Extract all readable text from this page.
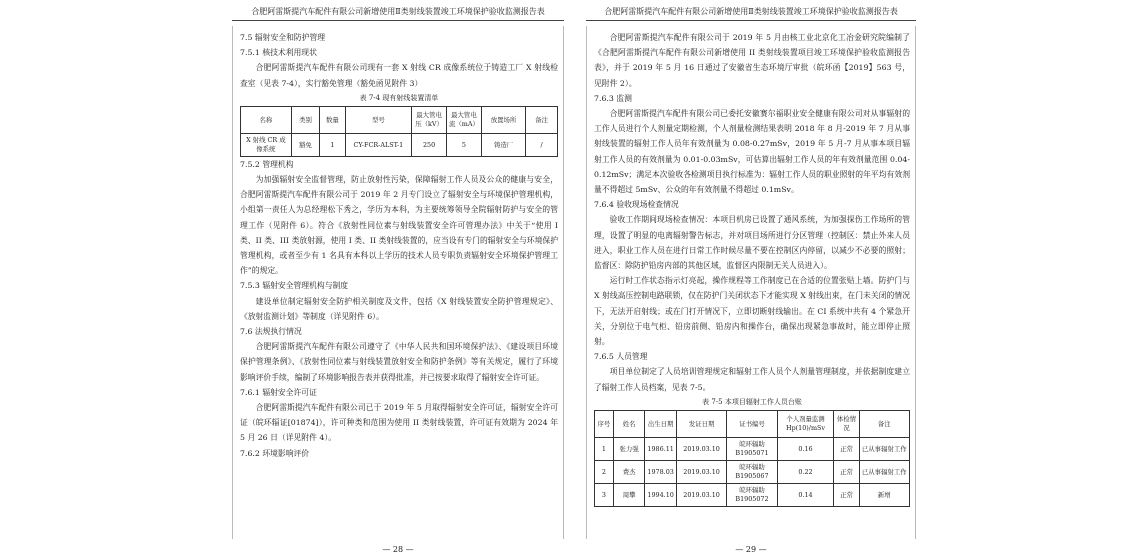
合肥阿雷斯提汽车配件有限公司新增使用Ⅱ类射线装置竣工环境保护验收监测报告表
7.5 辐射安全和防护管理
7.5.1 核技术利用现状
合肥阿雷斯提汽车配件有限公司现有一套 X 射线 CR 成像系统位于铸造工厂 X 射线检查室（见表 7-4），实行豁免管理（豁免函见附件 3）
表 7-4 现有射线装置清单
名称	类别	数量	型号	最大管电压（kV）	最大管电流（mA）	放置场所	备注
X 射线 CR 成像系统	豁免	1	CY-FCR-ALST-1	250	5	铸造厂	/
7.5.2 管理机构
为加强辐射安全监督管理，防止放射性污染，保障辐射工作人员及公众的健康与安全，合肥阿雷斯提汽车配件有限公司于 2019 年 2 月专门设立了辐射安全与环境保护管理机构，小组第一责任人为总经理松下秀之，学历为本科，为主要统筹领导全院辐射防护与安全的管理工作（见附件 6）。符合《放射性同位素与射线装置安全许可管理办法》中关于“使用 I 类、II 类、III 类放射源，使用 I 类、II 类射线装置的，应当设有专门的辐射安全与环境保护管理机构，或者至少有 1 名具有本科以上学历的技术人员专职负责辐射安全环境保护管理工作”的规定。
7.5.3 辐射安全管理机构与制度
建设单位制定辐射安全防护相关制度及文件，包括《X 射线装置安全防护管理规定》、《放射监测计划》等制度（详见附件 6）。
7.6 法规执行情况
合肥阿雷斯提汽车配件有限公司遵守了《中华人民共和国环境保护法》、《建设项目环境保护管理条例》、《放射性同位素与射线装置放射安全和防护条例》等有关规定，履行了环境影响评价手续，编制了环境影响报告表并获得批准，并已按要求取得了辐射安全许可证。
7.6.1 辐射安全许可证
合肥阿雷斯提汽车配件有限公司已于 2019 年 5 月取得辐射安全许可证，辐射安全许可证（皖环辐证[01874]），许可种类和范围为使用 II 类射线装置，许可证有效期为 2024 年 5 月 26 日（详见附件 4）。
7.6.2 环境影响评价
— 28 —
合肥阿雷斯提汽车配件有限公司新增使用Ⅱ类射线装置竣工环境保护验收监测报告表
合肥阿雷斯提汽车配件有限公司于 2019 年 5 月由核工业北京化工冶金研究院编制了《合肥阿雷斯提汽车配件有限公司新增使用 II 类射线装置项目竣工环境保护验收监测报告表》，并于 2019 年 5 月 16 日通过了安徽省生态环境厅审批（皖环函【2019】563 号，见附件 2）。
7.6.3 监测
合肥阿雷斯提汽车配件有限公司已委托安徽赛尔福职业安全健康有限公司对从事辐射的工作人员进行个人剂量定期检测，个人剂量检测结果表明 2018 年 8 月-2019 年 7 月从事射线装置的辐射工作人员年有效剂量为 0.08-0.27mSv，2019 年 5 月-7 月从事本项目辐射工作人员的有效剂量为 0.01-0.03mSv，可估算出辐射工作人员的年有效剂量范围 0.04-0.12mSv；满足本次验收各检测项目执行标准为：辐射工作人员的职业照射的年平均有效剂量不得超过 5mSv、公众的年有效剂量不得超过 0.1mSv。
7.6.4 验收现场检查情况
验收工作期间现场检查情况：本项目机房已设置了通风系统，为加强探伤工作场所的管理，设置了明显的电离辐射警告标志，并对项目场所进行分区管理（控制区：禁止外来人员进入，职业工作人员在进行日常工作时候尽量不要在控制区内停留，以减少不必要的照射；监督区：除防护铅房内部的其他区域，监督区内限制无关人员进入）。
运行时工作状态指示灯亮起，操作规程等工作制度已在合适的位置张贴上墙。防护门与 X 射线高压控制电路联锁，仅在防护门关闭状态下才能实现 X 射线出束，在门未关闭的情况下，无法开启射线；或在门打开情况下，立即切断射线输出。在 CI 系统中共有 4 个紧急开关，分别位于电气柜、铅房前侧、铅房内和操作台，确保出现紧急事故时，能立即停止照射。
7.6.5 人员管理
项目单位制定了人员培训管理规定和辐射工作人员个人剂量管理制度，并依据制度建立了辐射工作人员档案，见表 7-5。
表 7-5 本项目辐射工作人员台账
序号	姓名	出生日期	发证日期	证书编号	个人剂量监测 Hp(10)/mSv	体检情况	备注
1	张力强	1986.11	2019.03.10	皖环辐助 B1905071	0.16	正常	已从事辐射工作
2	费杰	1978.03	2019.03.10	皖环辐助 B1905067	0.22	正常	已从事辐射工作
3	周攀	1994.10	2019.03.10	皖环辐助 B1905072	0.14	正常	新增
— 29 —
